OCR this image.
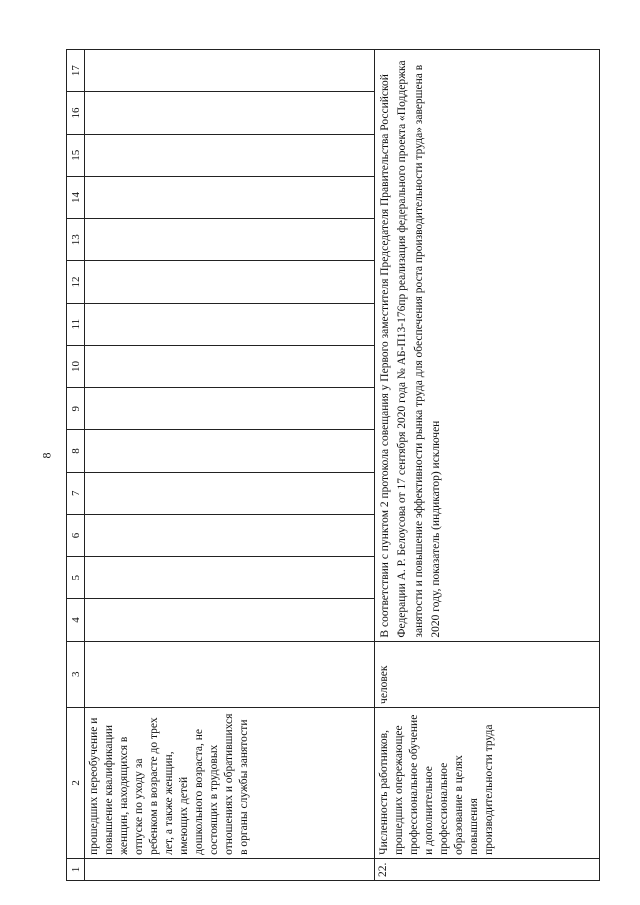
8
1	2	3	4	5	6	7	8	9	10	11	12	13	14	15	16	17
	прошедших переобучение и повышение квалификации женщин, находящихся в отпуске по уходу за ребенком в возрасте до трех лет, а также женщин, имеющих детей дошкольного возраста, не состоящих в трудовых отношениях и обратившихся в органы службы занятости															
22.	Численность работников, прошедших опережающее профессиональное обучение и дополнительное профессиональное образование в целях повышения производительности труда	человек	В соответствии с пунктом 2 протокола совещания у Первого заместителя Председателя Правительства Российской Федерации А. Р. Белоусова от 17 сентября 2020 года № АБ-П13-176пр реализация федерального проекта «Поддержка занятости и повышение эффективности рынка труда для обеспечения роста производительности труда» завершена в 2020 году, показатель (индикатор) исключен													
